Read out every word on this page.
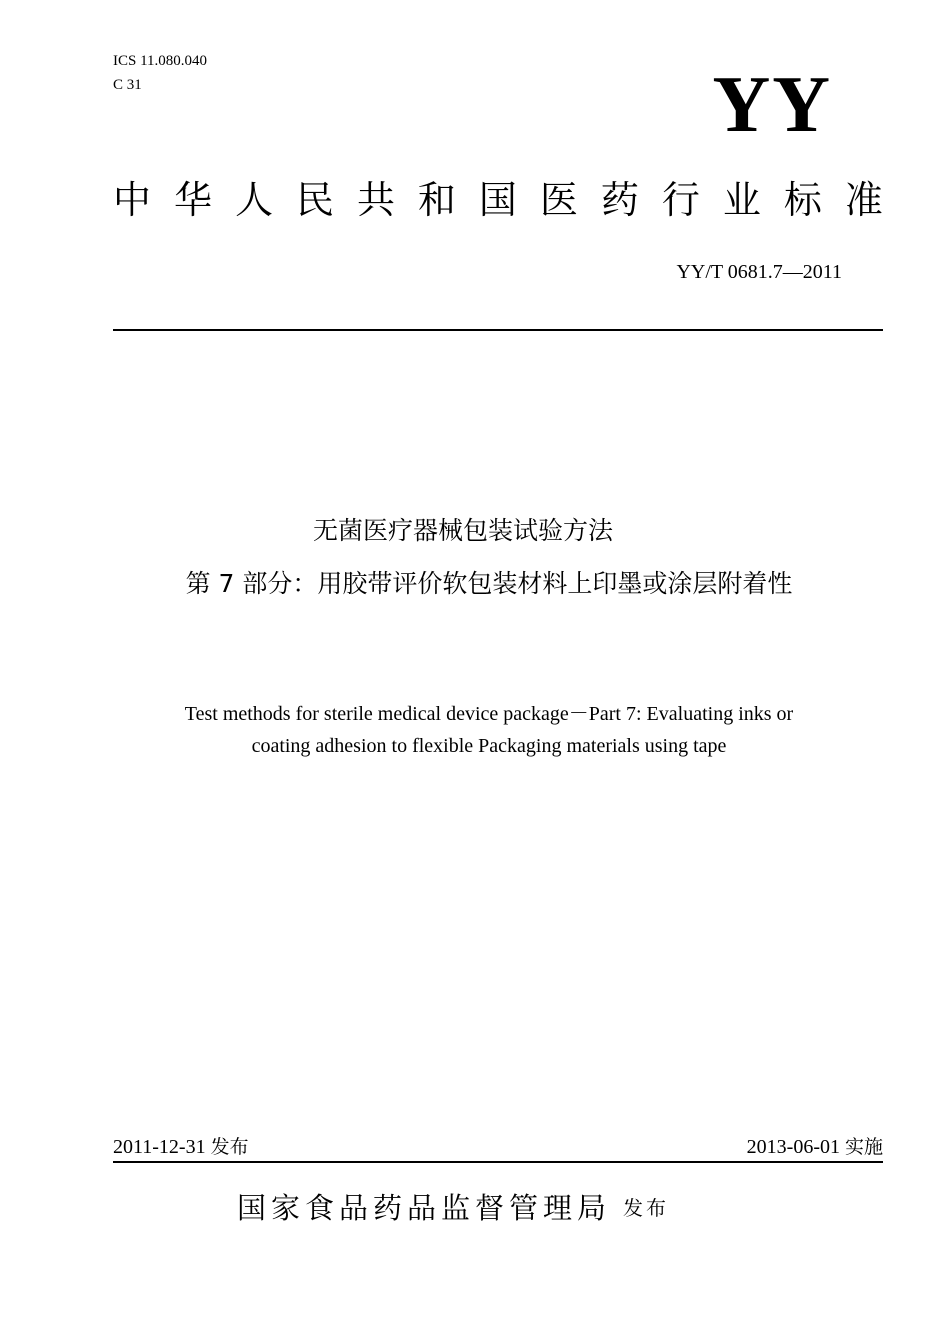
ICS 11.080.040
C 31	YY
中 华 人 民 共 和 国 医 药 行 业 标 准
YY/T 0681.7—2011
无菌医疗器械包装试验方法
第 7 部分：用胶带评价软包装材料上印墨或涂层附着性
Test methods for sterile medical device package－Part 7: Evaluating inks or
coating adhesion to flexible Packaging materials using tape
2011-12-31 发布	2013-06-01 实施
国家食品药品监督管理局 发布
